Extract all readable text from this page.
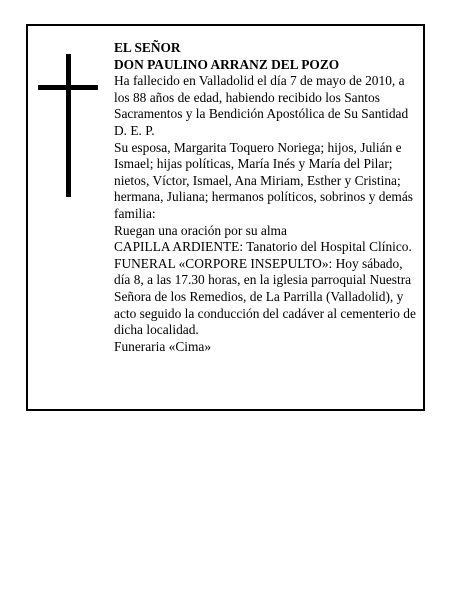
EL SEÑOR

DON PAULINO ARRANZ DEL POZO

Ha fallecido en Valladolid el día 7 de mayo de 2010, a los 88 años de edad, habiendo recibido los Santos Sacramentos y la Bendición Apostólica de Su Santidad D. E. P.

Su esposa, Margarita Toquero Noriega; hijos, Julián e Ismael; hijas políticas, María Inés y María del Pilar; nietos, Víctor, Ismael, Ana Miriam, Esther y Cristina; hermana, Juliana; hermanos políticos, sobrinos y demás familia:

Ruegan una oración por su alma

CAPILLA ARDIENTE: Tanatorio del Hospital Clínico.

FUNERAL «CORPORE INSEPULTO»: Hoy sábado, día 8, a las 17.30 horas, en la iglesia parroquial Nuestra Señora de los Remedios, de La Parrilla (Valladolid), y acto seguido la conducción del cadáver al cementerio de dicha localidad.

Funeraria «Cima»
